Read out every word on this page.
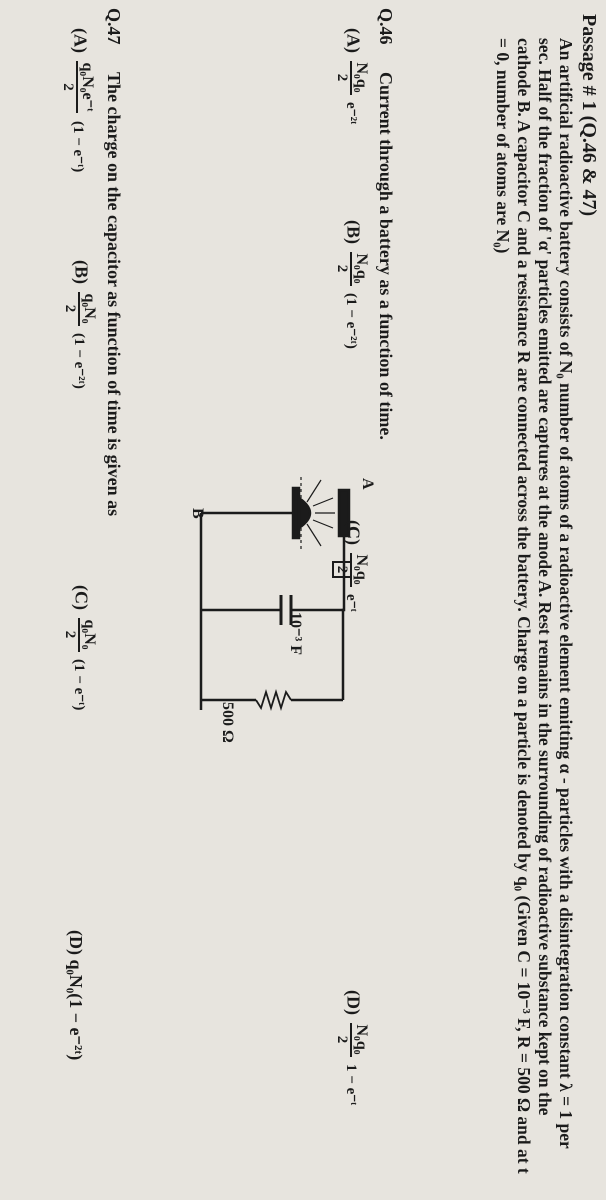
Passage # 1 (Q.46 & 47)

An artificial radioactive battery consists of N₀ number of atoms of a radioactive element emitting α - particles with a disintegration constant λ = 1 per sec. Half of the fraction of 'α' particles emitted are captures at the anode A. Rest remains in the surrounding of radioactive substance kept on the cathode B. A capacitor C and a resistance R are connected across the battery. Charge on a particle is denoted by q₀ (Given C = 10⁻³ F, R = 500 Ω and at t = 0, number of atoms are N₀)

A
B
10⁻³ F
500 Ω
Q.46
Current through a battery as a function of time.
(A)
N₀q₀
2
e⁻²ᵗ
(B)
N₀q₀
2
(1 − e⁻²ᵗ)
(C)
N₀q₀
2
e⁻ᵗ
(D)
N₀q₀
2
1 − e⁻ᵗ
Q.47
The charge on the capacitor as function of time is given as
(A)
q₀N₀e⁻ᵗ
2
(1 − e⁻ᵗ)
(B)
q₀N₀
2
(1 − e⁻²ᵗ)
(C)
q₀N₀
2
(1 − e⁻ᵗ)
(D) q₀N₀(1 − e⁻²ᵗ)
